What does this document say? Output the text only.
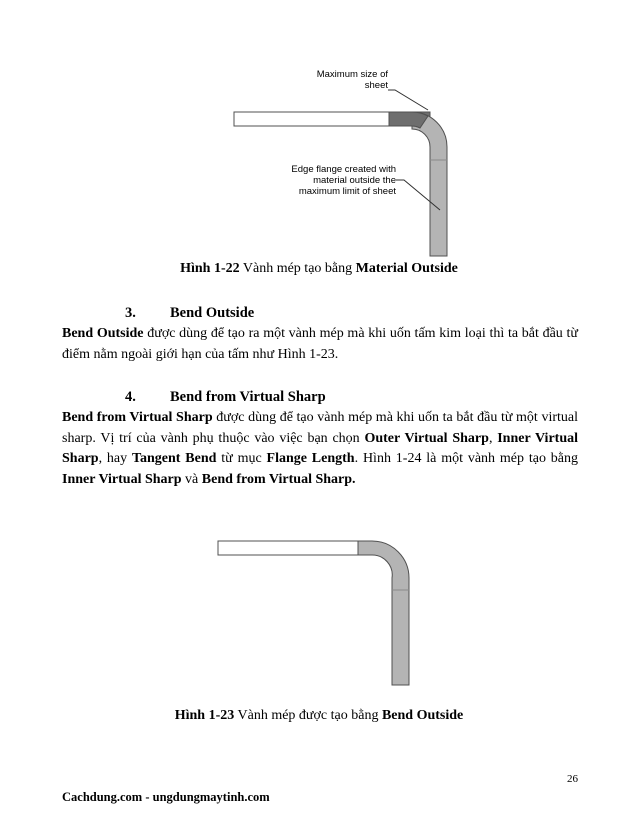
Maximum size of
sheet
Edge flange created with
material outside the
maximum limit of sheet
Hình 1-22 Vành mép tạo bằng Material Outside
3. Bend Outside
Bend Outside được dùng để tạo ra một vành mép mà khi uốn tấm kim loại thì ta bắt đầu từ điểm nằm ngoài giới hạn của tấm như Hình 1-23.
4. Bend from Virtual Sharp
Bend from Virtual Sharp được dùng để tạo vành mép mà khi uốn ta bắt đầu từ một virtual sharp. Vị trí của vành phụ thuộc vào việc bạn chọn Outer Virtual Sharp, Inner Virtual Sharp, hay Tangent Bend từ mục Flange Length. Hình 1-24 là một vành mép tạo bằng Inner Virtual Sharp và Bend from Virtual Sharp.
Hình 1-23 Vành mép được tạo bằng Bend Outside
26
Cachdung.com - ungdungmaytinh.com
